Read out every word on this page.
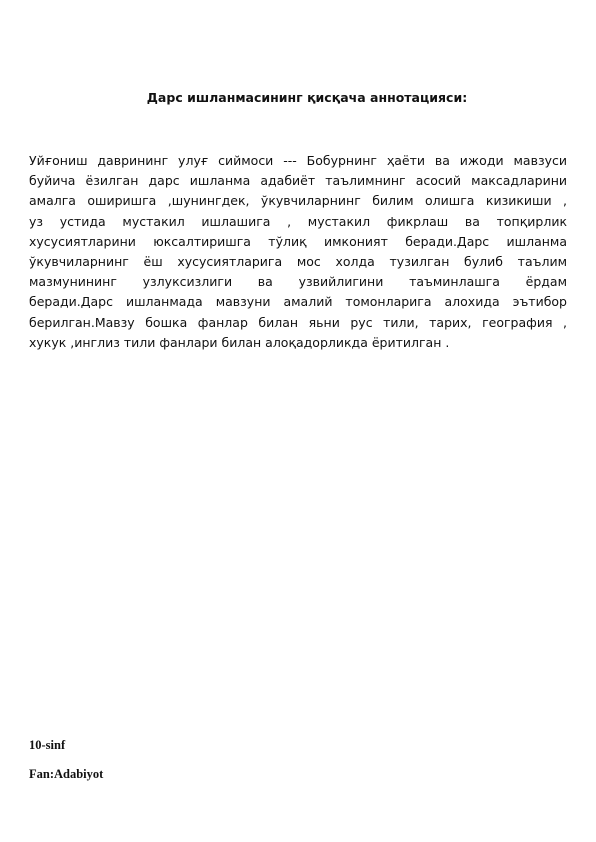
Дарс ишланмасининг қисқача аннотацияси:
Уйғониш даврининг улуғ сиймоси --- Бобурнинг ҳаёти ва ижоди мавзуси
буйича ёзилган дарс ишланма адабиёт таълимнинг асосий максадларини
амалга оширишга ,шунингдек, ўкувчиларнинг билим олишга кизикиши ,
уз устида мустакил ишлашига , мустакил фикрлаш ва топқирлик
хусусиятларини юксалтиришга тўлиқ имконият беради.Дарс ишланма
ўкувчиларнинг ёш хусусиятларига мос холда тузилган булиб таълим
мазмунининг узлуксизлиги ва узвийлигини таъминлашга ёрдам
беради.Дарс ишланмада мавзуни амалий томонларига алохида эътибор
берилган.Мавзу бошка фанлар билан яьни рус тили, тарих, география ,
хукук ,инглиз тили фанлари билан алоқадорликда ёритилган .
10-sinf
Fan:Adabiyot
